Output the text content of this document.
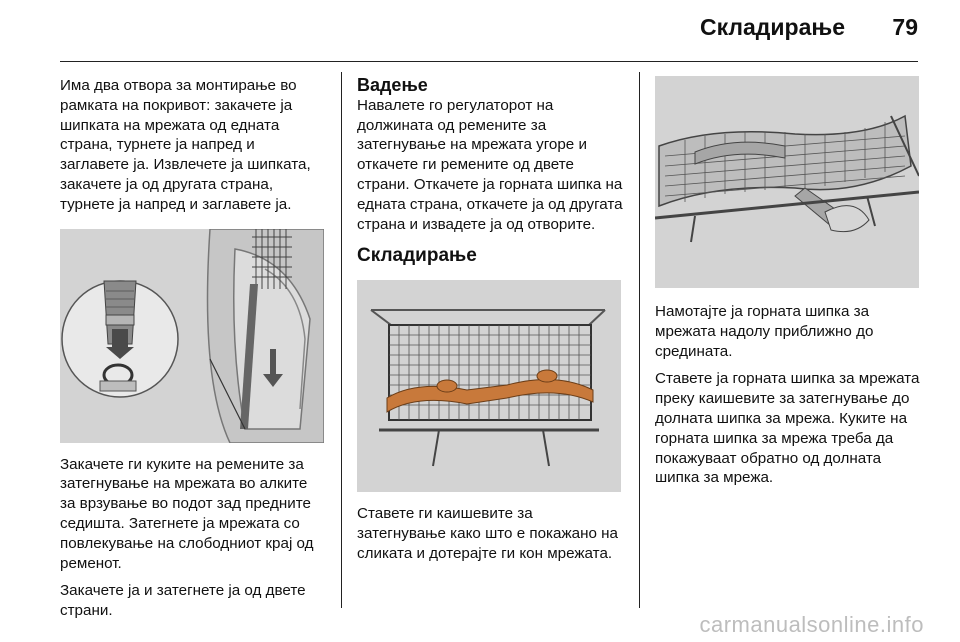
Складирање 79

Има два отвора за монтирање во рамката на покривот: закачете ја шипката на мрежата од едната страна, турнете ја напред и заглавете ја. Извлечете ја шипката, закачете ја од другата страна, турнете ја напред и заглавете ја.

Закачете ги куките на ремените за затегнување на мрежата во алките за врзување во подот зад предните седишта. Затегнете ја мрежата со повлекување на слободниот крај од ременот.

Закачете ја и затегнете ја од двете страни.

Вадење

Навалете го регулаторот на должината од ремените за затегнување на мрежата угоре и откачете ги ремените од двете страни. Откачете ја горната шипка на едната страна, откачете ја од другата страна и извадете ја од отворите.

Складирање

Ставете ги каишевите за затегнување како што е покажано на сликата и дотерајте ги кон мрежата.

Намотајте ја горната шипка за мрежата надолу приближно до средината.

Ставете ја горната шипка за мрежата преку каишевите за затегнување до долната шипка за мрежа. Куките на горната шипка за мрежа треба да покажуваат обратно од долната шипка за мрежа.

carmanualsonline.info
